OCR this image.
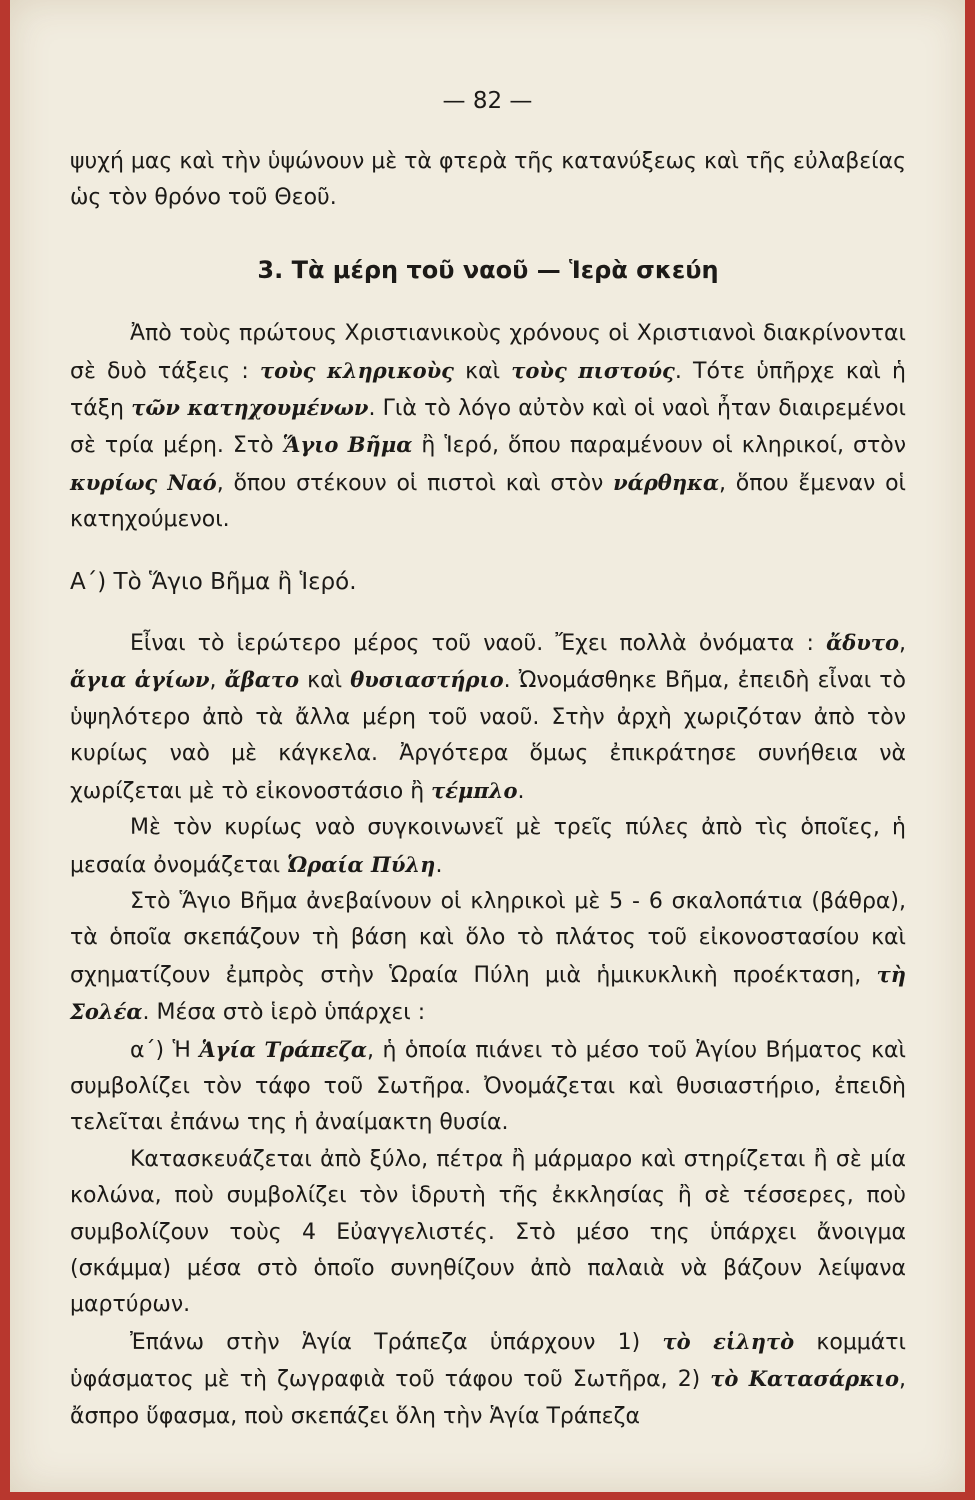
— 82 —

ψυχή μας καὶ τὴν ὑψώνουν μὲ τὰ φτερὰ τῆς κατανύξεως καὶ τῆς εὐλαβείας ὡς τὸν θρόνο τοῦ Θεοῦ.

3. Τὰ μέρη τοῦ ναοῦ — Ἱερὰ σκεύη

Ἀπὸ τοὺς πρώτους Χριστιανικοὺς χρόνους οἱ Χριστιανοὶ διακρίνονται σὲ δυὸ τάξεις : τοὺς κληρικοὺς καὶ τοὺς πιστούς. Τότε ὑπῆρχε καὶ ἡ τάξη τῶν κατηχουμένων. Γιὰ τὸ λόγο αὐτὸν καὶ οἱ ναοὶ ἦταν διαιρεμένοι σὲ τρία μέρη. Στὸ Ἅγιο Βῆμα ἢ Ἱερό, ὅπου παραμένουν οἱ κληρικοί, στὸν κυρίως Ναό, ὅπου στέκουν οἱ πιστοὶ καὶ στὸν νάρθηκα, ὅπου ἔμεναν οἱ κατηχούμενοι.

Α΄) Τὸ Ἅγιο Βῆμα ἢ Ἱερό.

Εἶναι τὸ ἱερώτερο μέρος τοῦ ναοῦ. Ἔχει πολλὰ ὀνόματα : ἄδυτο, ἅγια ἁγίων, ἄβατο καὶ θυσιαστήριο. Ὠνομάσθηκε Βῆμα, ἐπειδὴ εἶναι τὸ ὑψηλότερο ἀπὸ τὰ ἄλλα μέρη τοῦ ναοῦ. Στὴν ἀρχὴ χωριζόταν ἀπὸ τὸν κυρίως ναὸ μὲ κάγκελα. Ἀργότερα ὅμως ἐπικράτησε συνήθεια νὰ χωρίζεται μὲ τὸ εἰκονοστάσιο ἢ τέμπλο.

Μὲ τὸν κυρίως ναὸ συγκοινωνεῖ μὲ τρεῖς πύλες ἀπὸ τὶς ὁποῖες, ἡ μεσαία ὀνομάζεται Ὡραία Πύλη.

Στὸ Ἅγιο Βῆμα ἀνεβαίνουν οἱ κληρικοὶ μὲ 5 - 6 σκαλοπάτια (βάθρα), τὰ ὁποῖα σκεπάζουν τὴ βάση καὶ ὅλο τὸ πλάτος τοῦ εἰκονοστασίου καὶ σχηματίζουν ἐμπρὸς στὴν Ὡραία Πύλη μιὰ ἡμικυκλικὴ προέκταση, τὴ Σολέα. Μέσα στὸ ἱερὸ ὑπάρχει :

α΄) Ἡ Ἁγία Τράπεζα, ἡ ὁποία πιάνει τὸ μέσο τοῦ Ἁγίου Βήματος καὶ συμβολίζει τὸν τάφο τοῦ Σωτῆρα. Ὀνομάζεται καὶ θυσιαστήριο, ἐπειδὴ τελεῖται ἐπάνω της ἡ ἀναίμακτη θυσία.

Κατασκευάζεται ἀπὸ ξύλο, πέτρα ἢ μάρμαρο καὶ στηρίζεται ἢ σὲ μία κολώνα, ποὺ συμβολίζει τὸν ἱδρυτὴ τῆς ἐκκλησίας ἢ σὲ τέσσερες, ποὺ συμβολίζουν τοὺς 4 Εὐαγγελιστές. Στὸ μέσο της ὑπάρχει ἄνοιγμα (σκάμμα) μέσα στὸ ὁποῖο συνηθίζουν ἀπὸ παλαιὰ νὰ βάζουν λείψανα μαρτύρων.

Ἐπάνω στὴν Ἁγία Τράπεζα ὑπάρχουν 1) τὸ εἱλητὸ κομμάτι ὑφάσματος μὲ τὴ ζωγραφιὰ τοῦ τάφου τοῦ Σωτῆρα, 2) τὸ Κατασάρκιο, ἄσπρο ὕφασμα, ποὺ σκεπάζει ὅλη τὴν Ἁγία Τράπεζα
